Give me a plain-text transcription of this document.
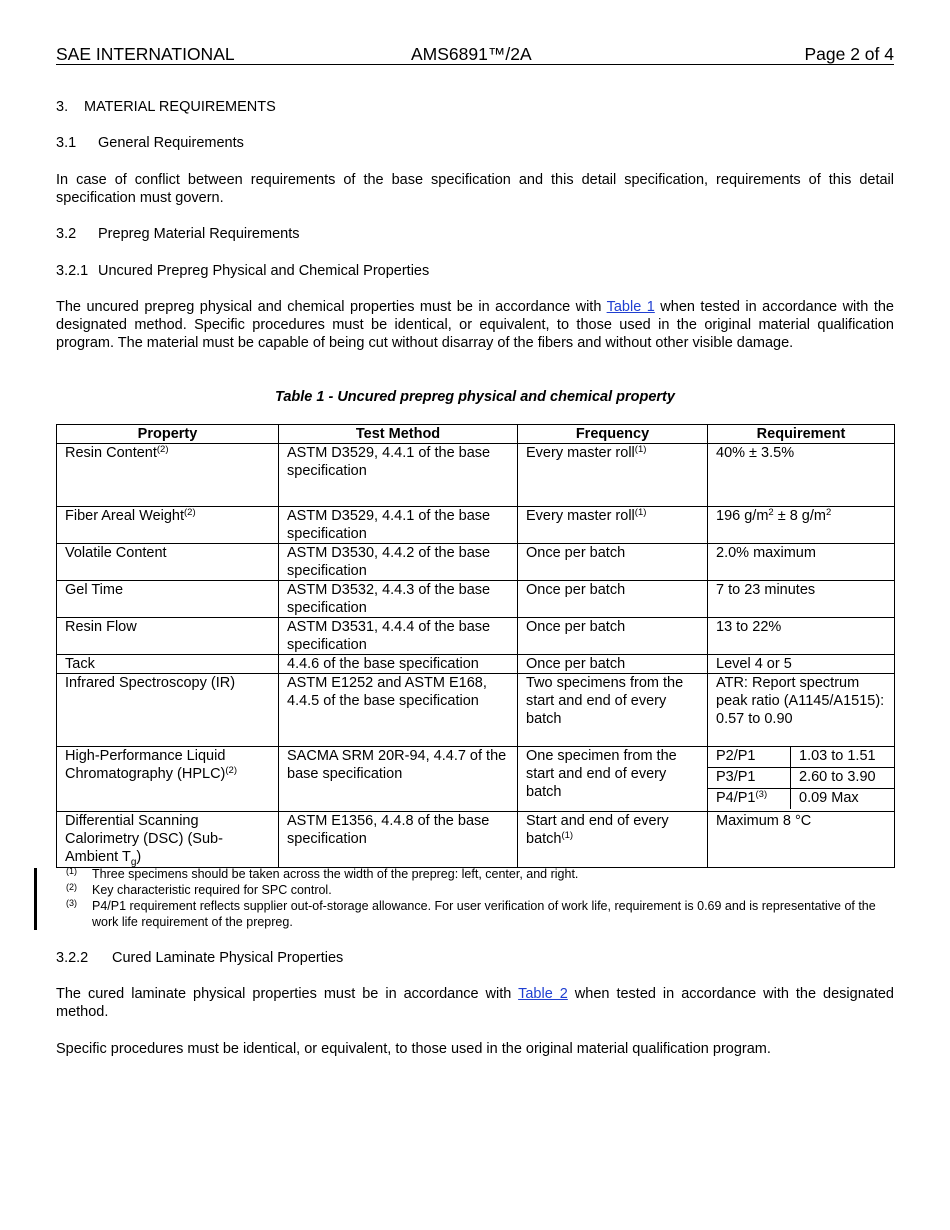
SAE INTERNATIONAL	AMS6891™/2A	Page 2 of 4
3. MATERIAL REQUIREMENTS
3.1 General Requirements
In case of conflict between requirements of the base specification and this detail specification, requirements of this detail specification must govern.
3.2 Prepreg Material Requirements
3.2.1 Uncured Prepreg Physical and Chemical Properties
The uncured prepreg physical and chemical properties must be in accordance with Table 1 when tested in accordance with the designated method. Specific procedures must be identical, or equivalent, to those used in the original material qualification program. The material must be capable of being cut without disarray of the fibers and without other visible damage.
Table 1 - Uncured prepreg physical and chemical property
Property	Test Method	Frequency	Requirement
Resin Content$^{(2)}$	ASTM D3529, 4.4.1 of the base specification	Every master roll$^{(1)}$	40% ± 3.5%
Fiber Areal Weight$^{(2)}$	ASTM D3529, 4.4.1 of the base specification	Every master roll$^{(1)}$	196 $g/m^2 \pm 8$ $g/m^2$
Volatile Content	ASTM D3530, 4.4.2 of the base specification	Once per batch	2.0% maximum
Gel Time	ASTM D3532, 4.4.3 of the base specification	Once per batch	7 to 23 minutes
Resin Flow	ASTM D3531, 4.4.4 of the base specification	Once per batch	13 to 22%
Tack	4.4.6 of the base specification	Once per batch	Level 4 or 5
Infrared Spectroscopy (IR)	ASTM E1252 and ASTM E168, 4.4.5 of the base specification	Two specimens from the start and end of every batch	ATR: Report spectrum peak ratio (A1145/A1515): 0.57 to 0.90
High-Performance Liquid Chromatography (HPLC)$^{(2)}$	SACMA SRM 20R-94, 4.4.7 of the base specification	One specimen from the start and end of every batch	
P2/P1	1.03 to 1.51
P3/P1	2.60 to 3.90
P4/P1$^{(3)}$	0.09 Max

Differential Scanning Calorimetry (DSC) (Sub-Ambient $T_g$)	ASTM E1356, 4.4.8 of the base specification	Start and end of every batch$^{(1)}$	Maximum 8 °C
(1) Three specimens should be taken across the width of the prepreg: left, center, and right.
(2) Key characteristic required for SPC control.
(3) P4/P1 requirement reflects supplier out-of-storage allowance. For user verification of work life, requirement is 0.69 and is representative of the work life requirement of the prepreg.
3.2.2 Cured Laminate Physical Properties
The cured laminate physical properties must be in accordance with Table 2 when tested in accordance with the designated method.
Specific procedures must be identical, or equivalent, to those used in the original material qualification program.
